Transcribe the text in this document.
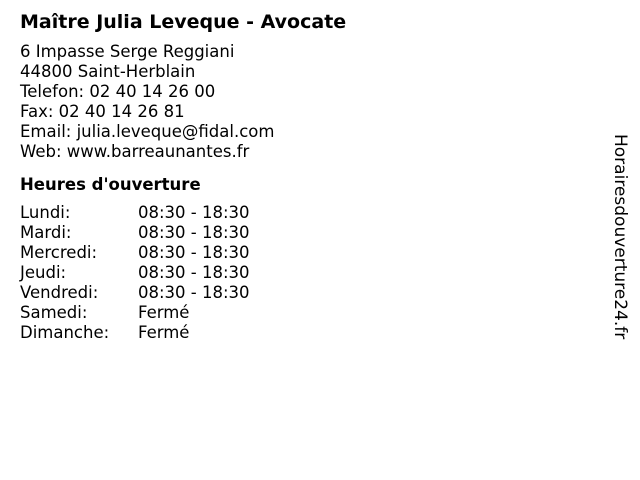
Maître Julia Leveque - Avocate
6 Impasse Serge Reggiani
44800 Saint-Herblain
Telefon: 02 40 14 26 00
Fax: 02 40 14 26 81
Email: julia.leveque@fidal.com
Web: www.barreaunantes.fr
Heures d'ouverture
Lundi:	08:30 - 18:30
Mardi:	08:30 - 18:30
Mercredi:	08:30 - 18:30
Jeudi:	08:30 - 18:30
Vendredi:	08:30 - 18:30
Samedi:	Fermé
Dimanche:	Fermé	Horairesdouverture24.fr
